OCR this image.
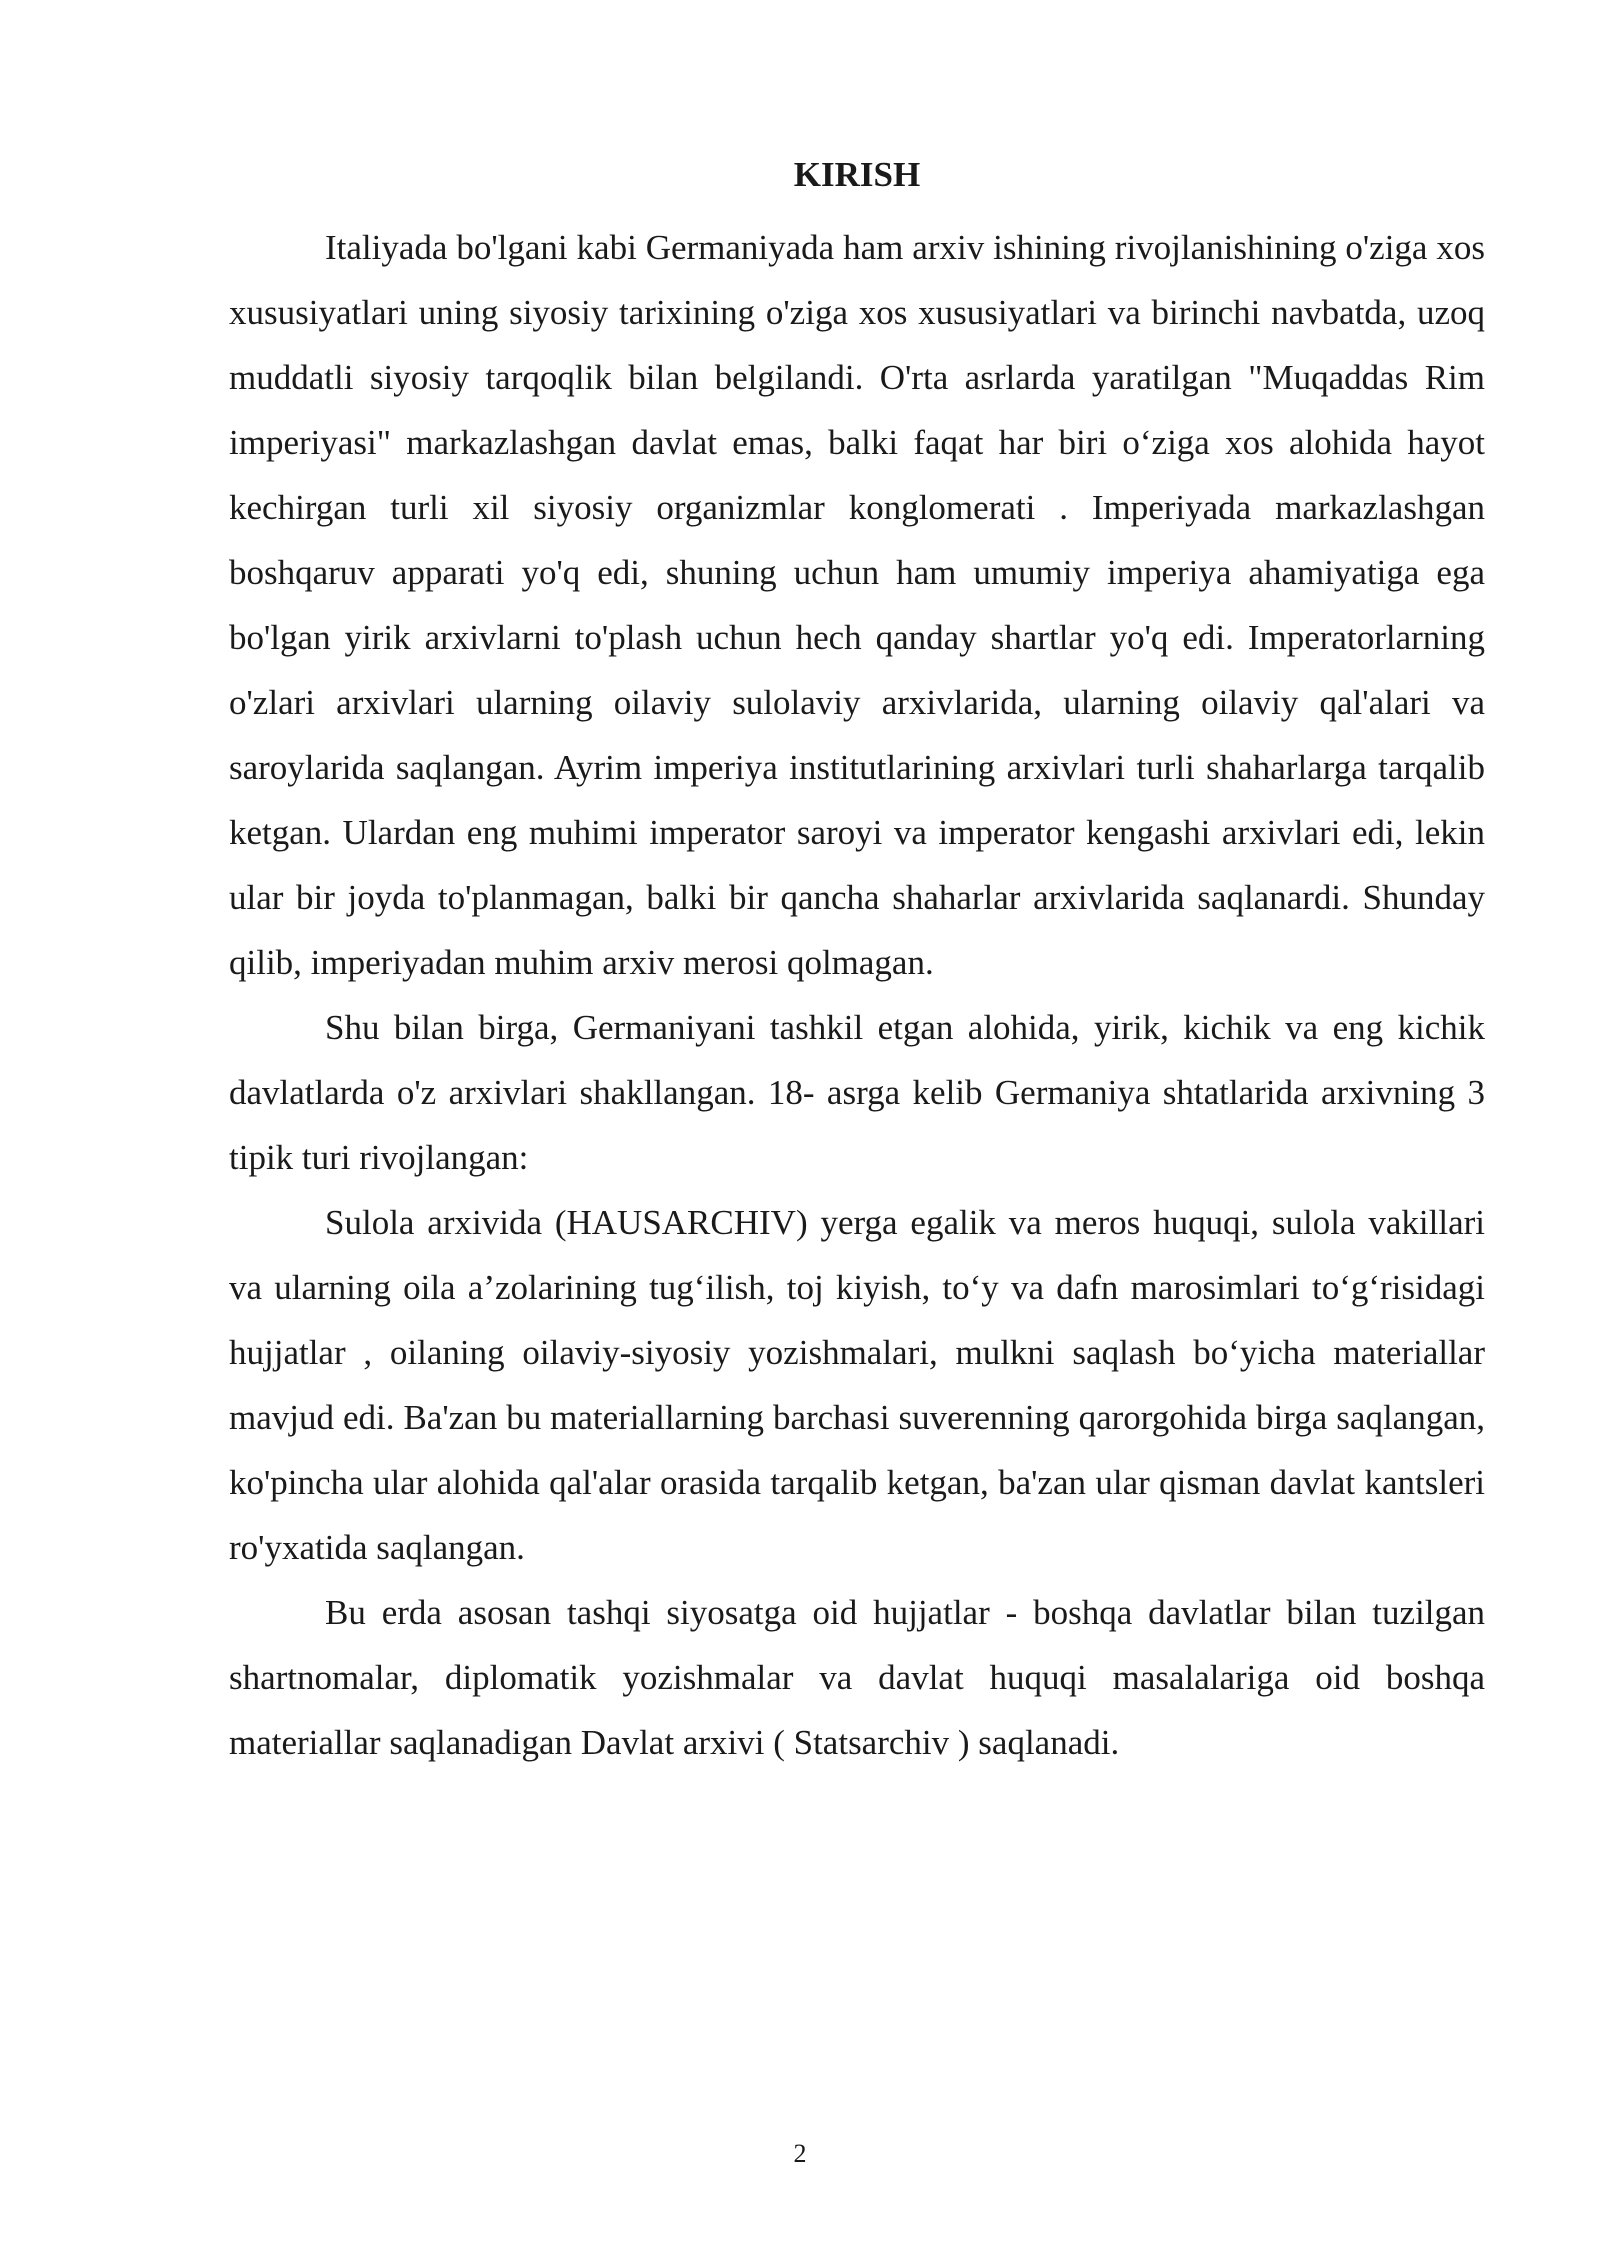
KIRISH

Italiyada bo'lgani kabi Germaniyada ham arxiv ishining rivojlanishining o'ziga xos xususiyatlari uning siyosiy tarixining o'ziga xos xususiyatlari va birinchi navbatda, uzoq muddatli siyosiy tarqoqlik bilan belgilandi. O'rta asrlarda yaratilgan "Muqaddas Rim imperiyasi" markazlashgan davlat emas, balki faqat har biri o‘ziga xos alohida hayot kechirgan turli xil siyosiy organizmlar konglomerati . Imperiyada markazlashgan boshqaruv apparati yo'q edi, shuning uchun ham umumiy imperiya ahamiyatiga ega bo'lgan yirik arxivlarni to'plash uchun hech qanday shartlar yo'q edi. Imperatorlarning o'zlari arxivlari ularning oilaviy sulolaviy arxivlarida, ularning oilaviy qal'alari va saroylarida saqlangan. Ayrim imperiya institutlarining arxivlari turli shaharlarga tarqalib ketgan. Ulardan eng muhimi imperator saroyi va imperator kengashi arxivlari edi, lekin ular bir joyda to'planmagan, balki bir qancha shaharlar arxivlarida saqlanardi. Shunday qilib, imperiyadan muhim arxiv merosi qolmagan.

Shu bilan birga, Germaniyani tashkil etgan alohida, yirik, kichik va eng kichik davlatlarda o'z arxivlari shakllangan. 18- asrga kelib Germaniya shtatlarida arxivning 3 tipik turi rivojlangan:

Sulola arxivida (HAUSARCHIV) yerga egalik va meros huquqi, sulola vakillari va ularning oila a’zolarining tug‘ilish, toj kiyish, to‘y va dafn marosimlari to‘g‘risidagi hujjatlar , oilaning oilaviy-siyosiy yozishmalari, mulkni saqlash bo‘yicha materiallar mavjud edi. Ba'zan bu materiallarning barchasi suverenning qarorgohida birga saqlangan, ko'pincha ular alohida qal'alar orasida tarqalib ketgan, ba'zan ular qisman davlat kantsleri ro'yxatida saqlangan.

Bu erda asosan tashqi siyosatga oid hujjatlar - boshqa davlatlar bilan tuzilgan shartnomalar, diplomatik yozishmalar va davlat huquqi masalalariga oid boshqa materiallar saqlanadigan Davlat arxivi ( Statsarchiv ) saqlanadi.

2
